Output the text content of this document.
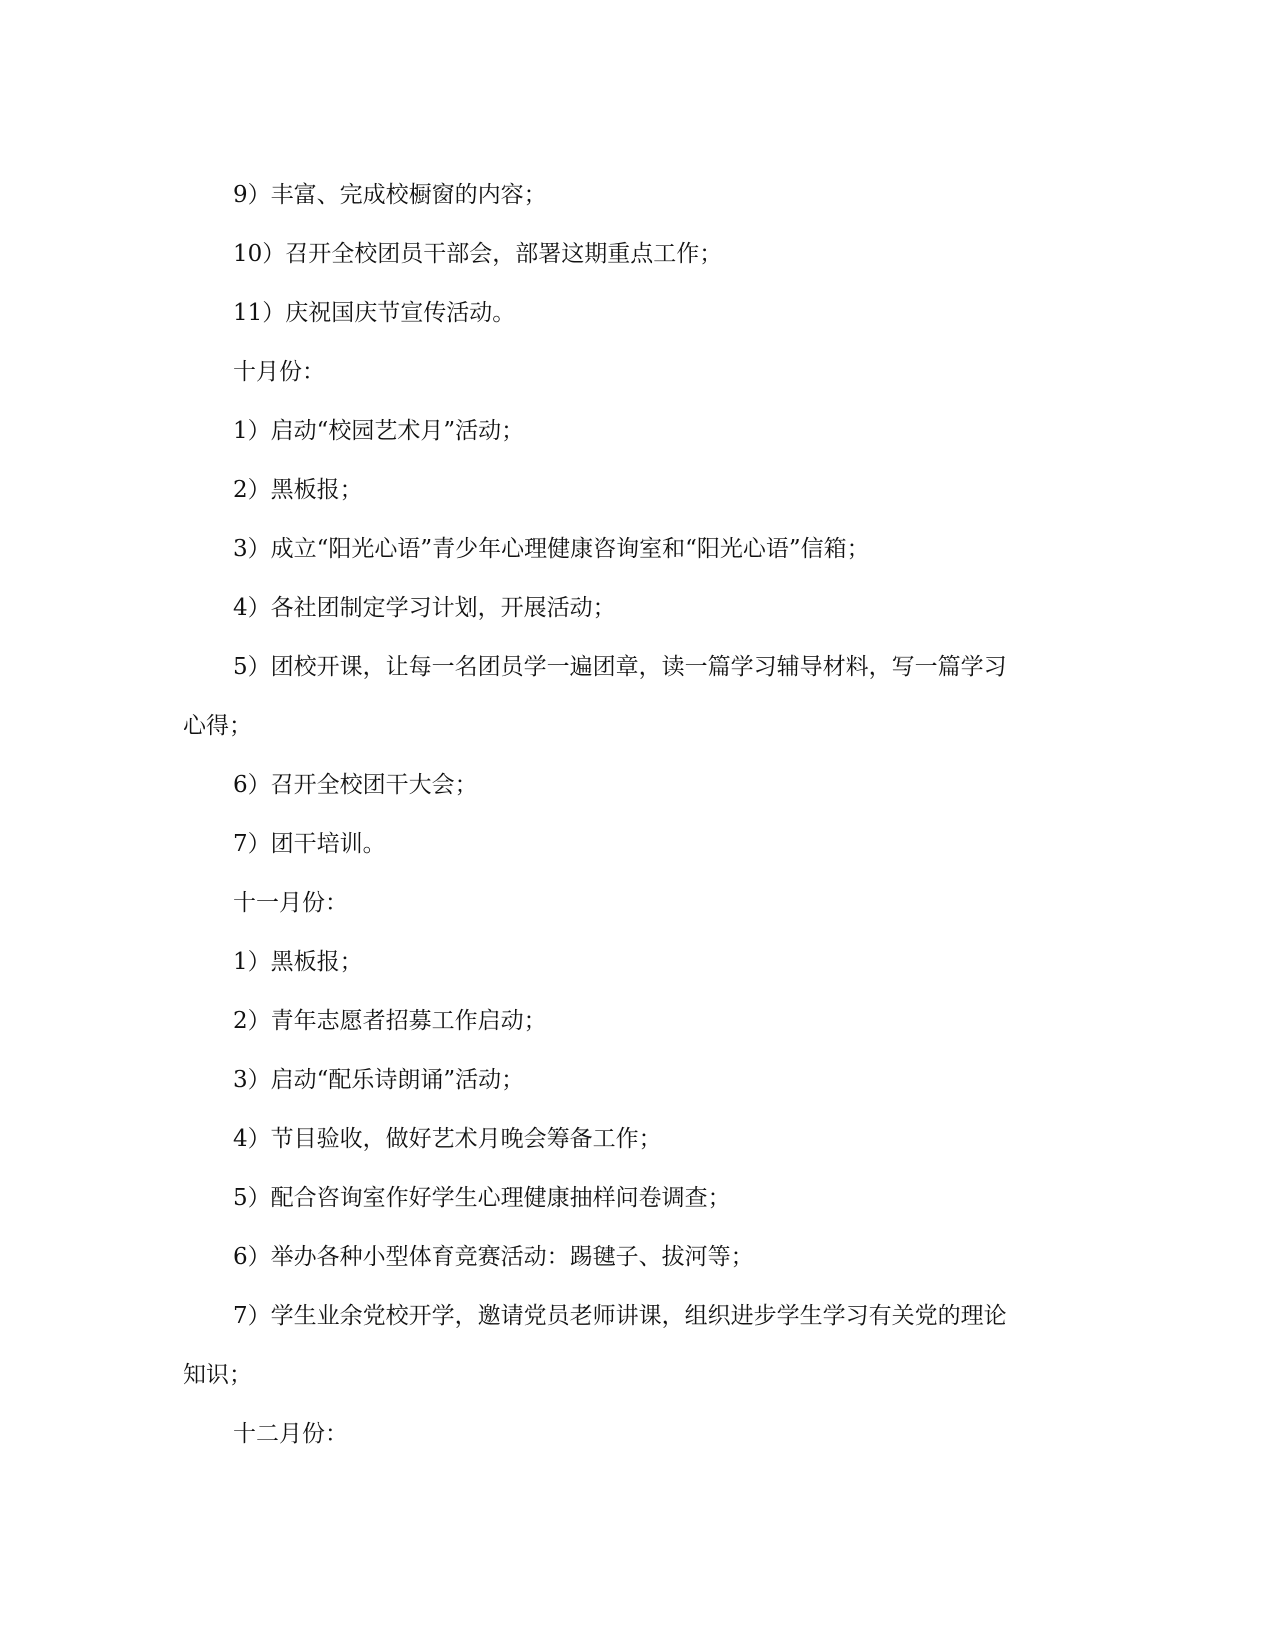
9）丰富、完成校橱窗的内容；

10）召开全校团员干部会，部署这期重点工作；

11）庆祝国庆节宣传活动。

十月份：

1）启动“校园艺术月”活动；

2）黑板报；

3）成立“阳光心语”青少年心理健康咨询室和“阳光心语”信箱；

4）各社团制定学习计划，开展活动；

5）团校开课，让每一名团员学一遍团章，读一篇学习辅导材料，写一篇学习

心得；

6）召开全校团干大会；

7）团干培训。

十一月份：

1）黑板报；

2）青年志愿者招募工作启动；

3）启动“配乐诗朗诵”活动；

4）节目验收，做好艺术月晚会筹备工作；

5）配合咨询室作好学生心理健康抽样问卷调查；

6）举办各种小型体育竞赛活动：踢毽子、拔河等；

7）学生业余党校开学，邀请党员老师讲课，组织进步学生学习有关党的理论

知识；

十二月份：
